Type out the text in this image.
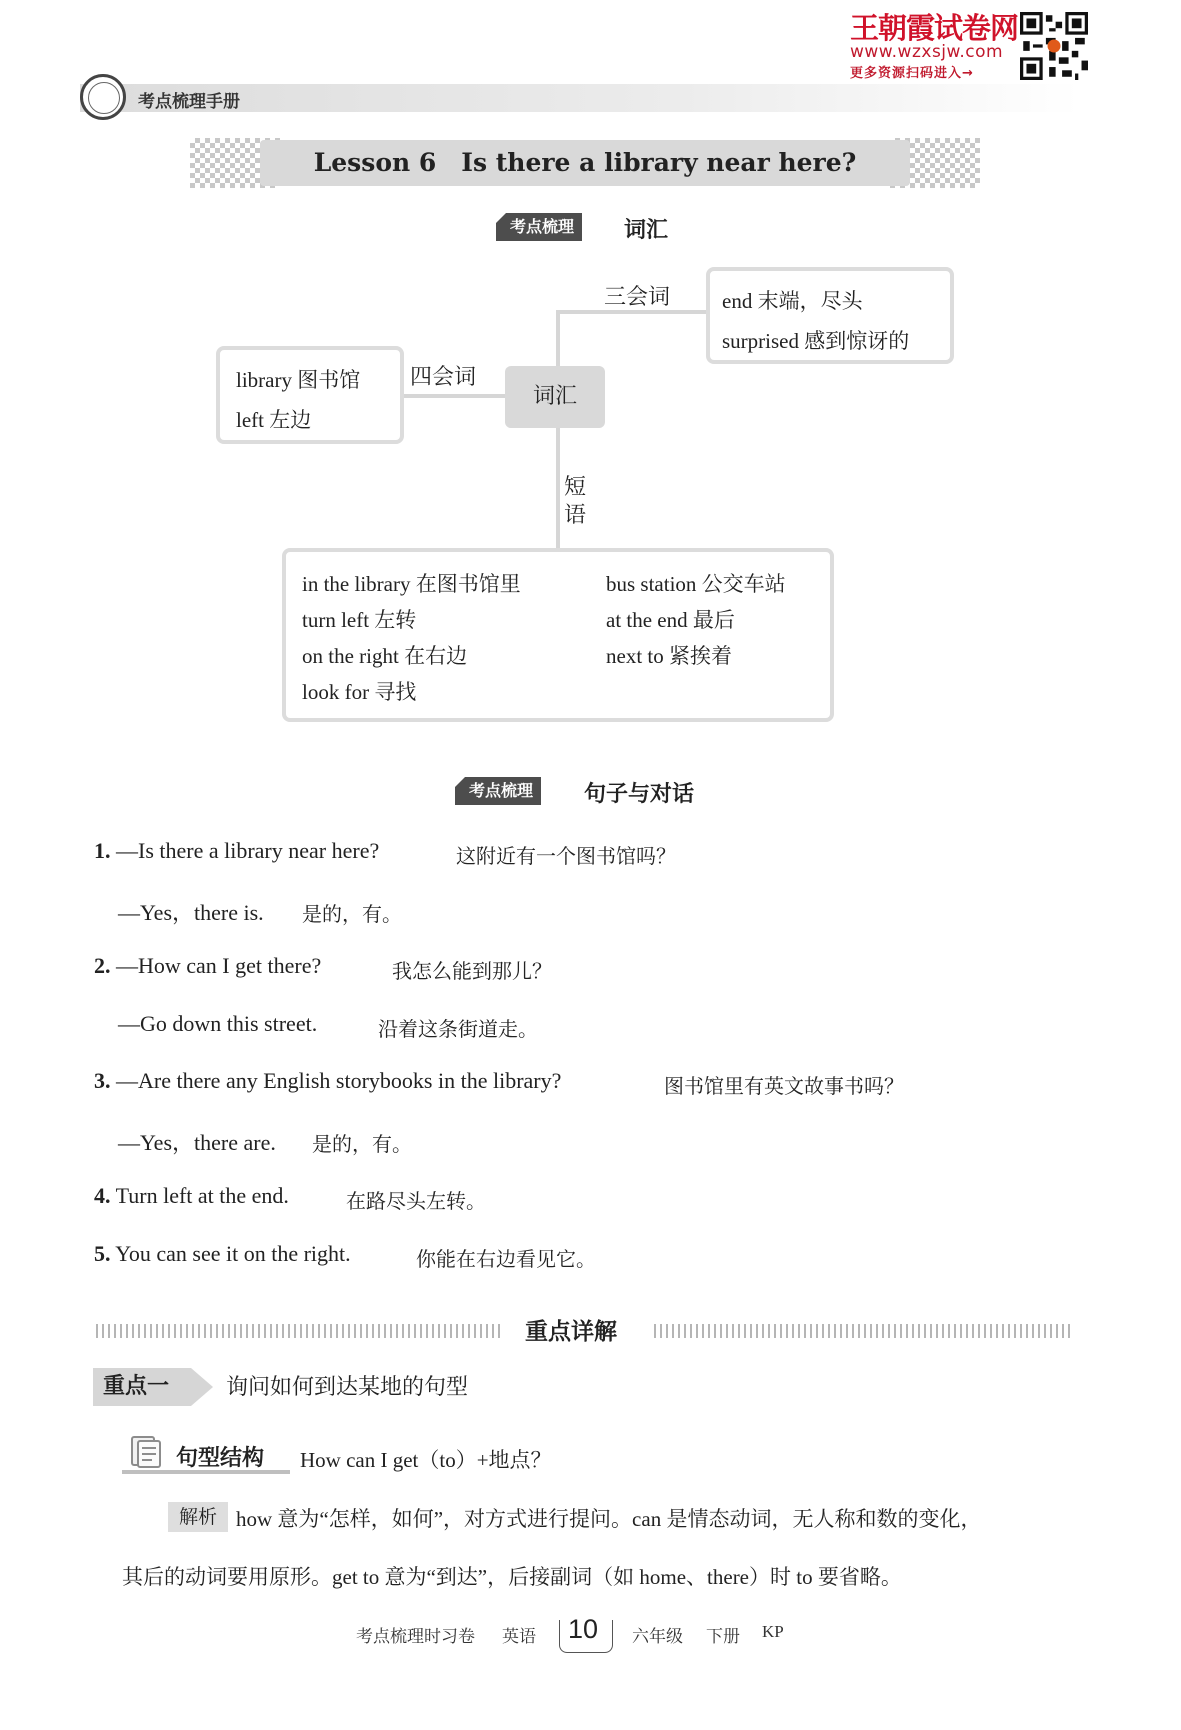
王朝霞试卷网
www.wzxsjw.com
更多资源扫码进入→
考点梳理手册
Lesson 6　Is there a library near here?
考点梳理	词汇
词汇
三会词
四会词
短
语
end 末端，尽头
surprised 感到惊讶的
library 图书馆
left 左边
in the library 在图书馆里
turn left 左转
on the right 在右边
look for 寻找
bus station 公交车站
at the end 最后
next to 紧挨着
考点梳理	句子与对话
1. —Is there a library near here?	这附近有一个图书馆吗？
—Yes，there is. 是的，有。
2. —How can I get there?	我怎么能到那儿？
—Go down this street.	沿着这条街道走。
3. —Are there any English storybooks in the library?	图书馆里有英文故事书吗？
—Yes，there are. 是的，有。
4. Turn left at the end.	在路尽头左转。
5. You can see it on the right.	你能在右边看见它。
重点详解
重点一	询问如何到达某地的句型
句型结构 How can I get（to）+地点？
解析 how 意为“怎样，如何”，对方式进行提问。can 是情态动词，无人称和数的变化，
其后的动词要用原形。get to 意为“到达”，后接副词（如 home、there）时 to 要省略。
考点梳理时习卷 英语 10 六年级 下册 KP
